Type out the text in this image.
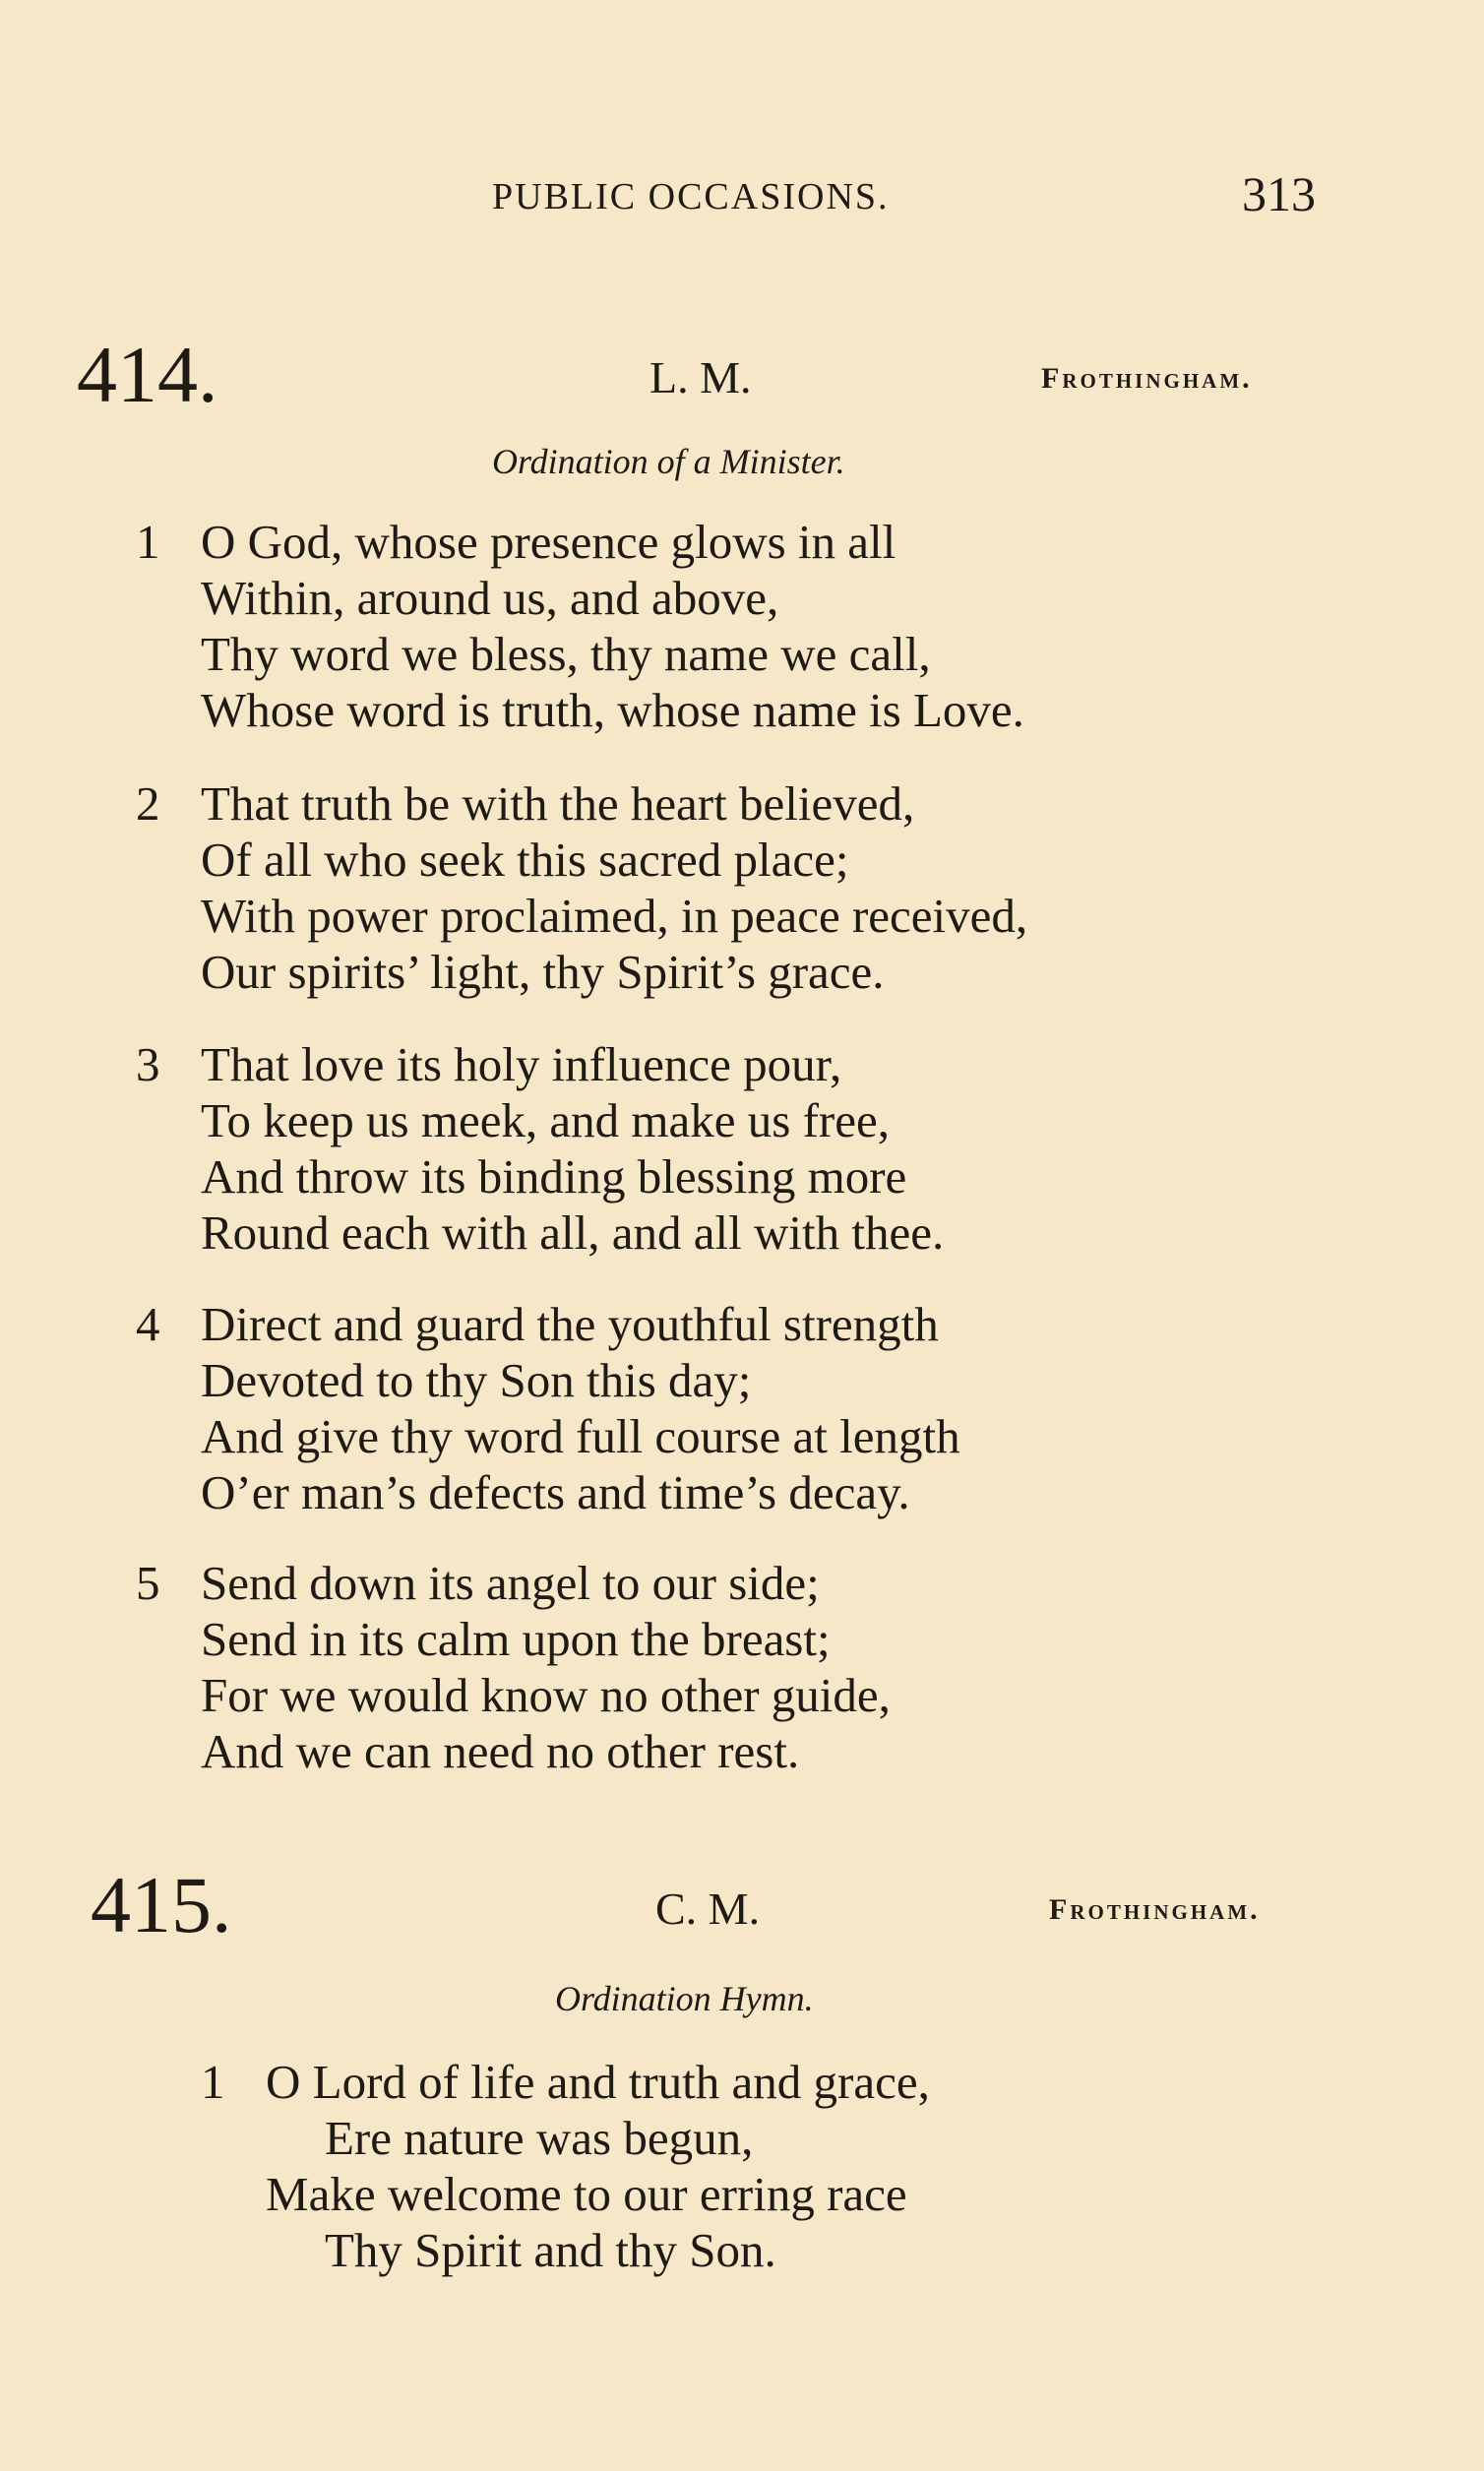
PUBLIC OCCASIONS.	313
414.	L. M.	Frothingham.
Ordination of a Minister.
1 O God, whose presence glows in all
Within, around us, and above,
Thy word we bless, thy name we call,
Whose word is truth, whose name is Love.
2 That truth be with the heart believed,
Of all who seek this sacred place;
With power proclaimed, in peace received,
Our spirits’ light, thy Spirit’s grace.
3 That love its holy influence pour,
To keep us meek, and make us free,
And throw its binding blessing more
Round each with all, and all with thee.
4 Direct and guard the youthful strength
Devoted to thy Son this day;
And give thy word full course at length
O’er man’s defects and time’s decay.
5 Send down its angel to our side;
Send in its calm upon the breast;
For we would know no other guide,
And we can need no other rest.
415.	C. M.	Frothingham.
Ordination Hymn.
1 O Lord of life and truth and grace,
Ere nature was begun,
Make welcome to our erring race
Thy Spirit and thy Son.
